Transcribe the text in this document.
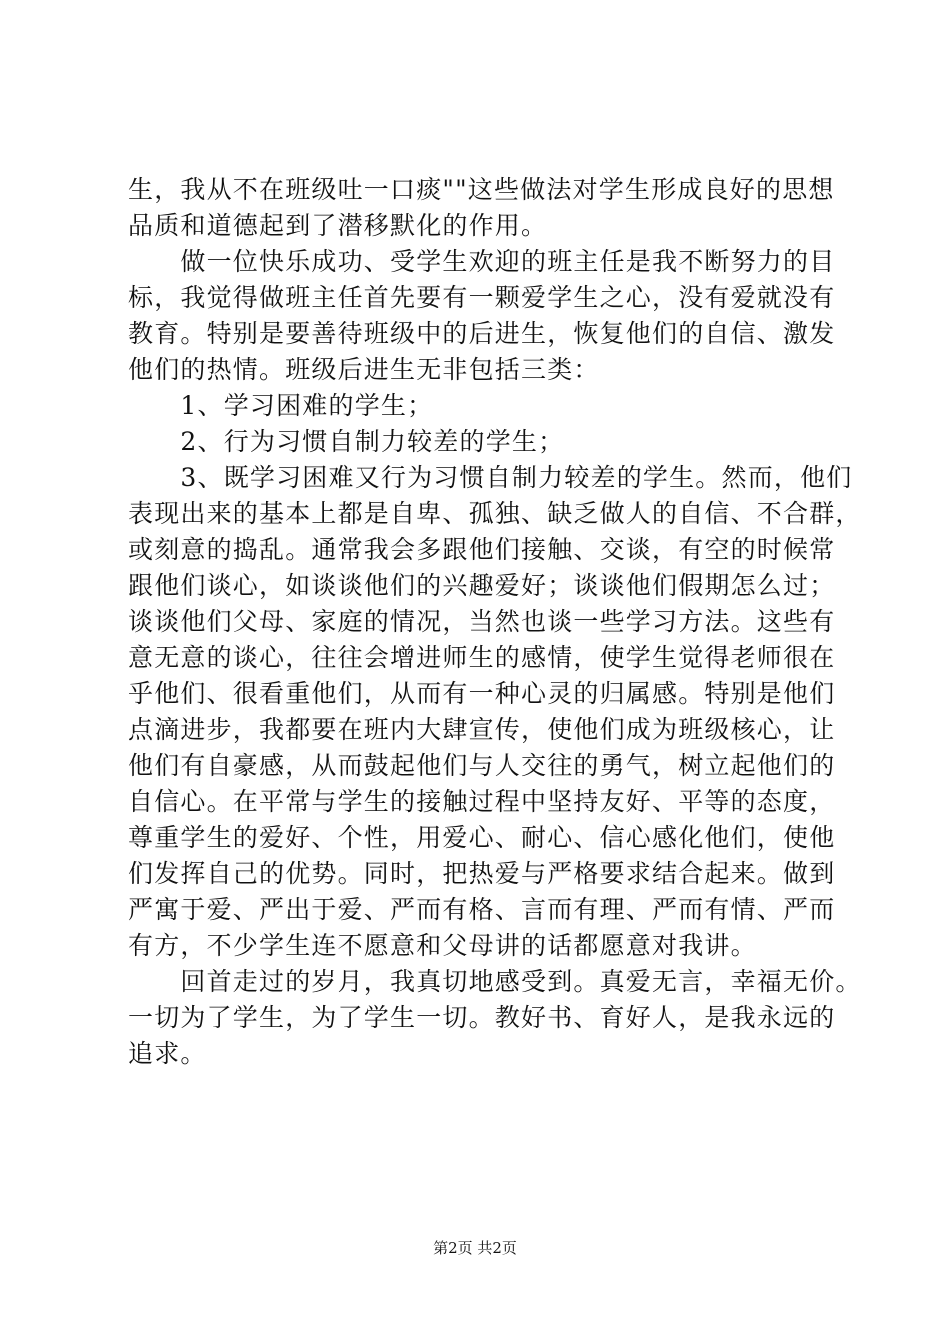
生，我从不在班级吐一口痰""这些做法对学生形成良好的思想
品质和道德起到了潜移默化的作用。
　　做一位快乐成功、受学生欢迎的班主任是我不断努力的目
标，我觉得做班主任首先要有一颗爱学生之心，没有爱就没有
教育。特别是要善待班级中的后进生，恢复他们的自信、激发
他们的热情。班级后进生无非包括三类：
　　1、学习困难的学生；
　　2、行为习惯自制力较差的学生；
　　3、既学习困难又行为习惯自制力较差的学生。然而，他们
表现出来的基本上都是自卑、孤独、缺乏做人的自信、不合群，
或刻意的捣乱。通常我会多跟他们接触、交谈，有空的时候常
跟他们谈心，如谈谈他们的兴趣爱好；谈谈他们假期怎么过；
谈谈他们父母、家庭的情况，当然也谈一些学习方法。这些有
意无意的谈心，往往会增进师生的感情，使学生觉得老师很在
乎他们、很看重他们，从而有一种心灵的归属感。特别是他们
点滴进步，我都要在班内大肆宣传，使他们成为班级核心，让
他们有自豪感，从而鼓起他们与人交往的勇气，树立起他们的
自信心。在平常与学生的接触过程中坚持友好、平等的态度，
尊重学生的爱好、个性，用爱心、耐心、信心感化他们，使他
们发挥自己的优势。同时，把热爱与严格要求结合起来。做到
严寓于爱、严出于爱、严而有格、言而有理、严而有情、严而
有方，不少学生连不愿意和父母讲的话都愿意对我讲。
　　回首走过的岁月，我真切地感受到。真爱无言，幸福无价。
一切为了学生，为了学生一切。教好书、育好人，是我永远的
追求。
第2页 共2页
